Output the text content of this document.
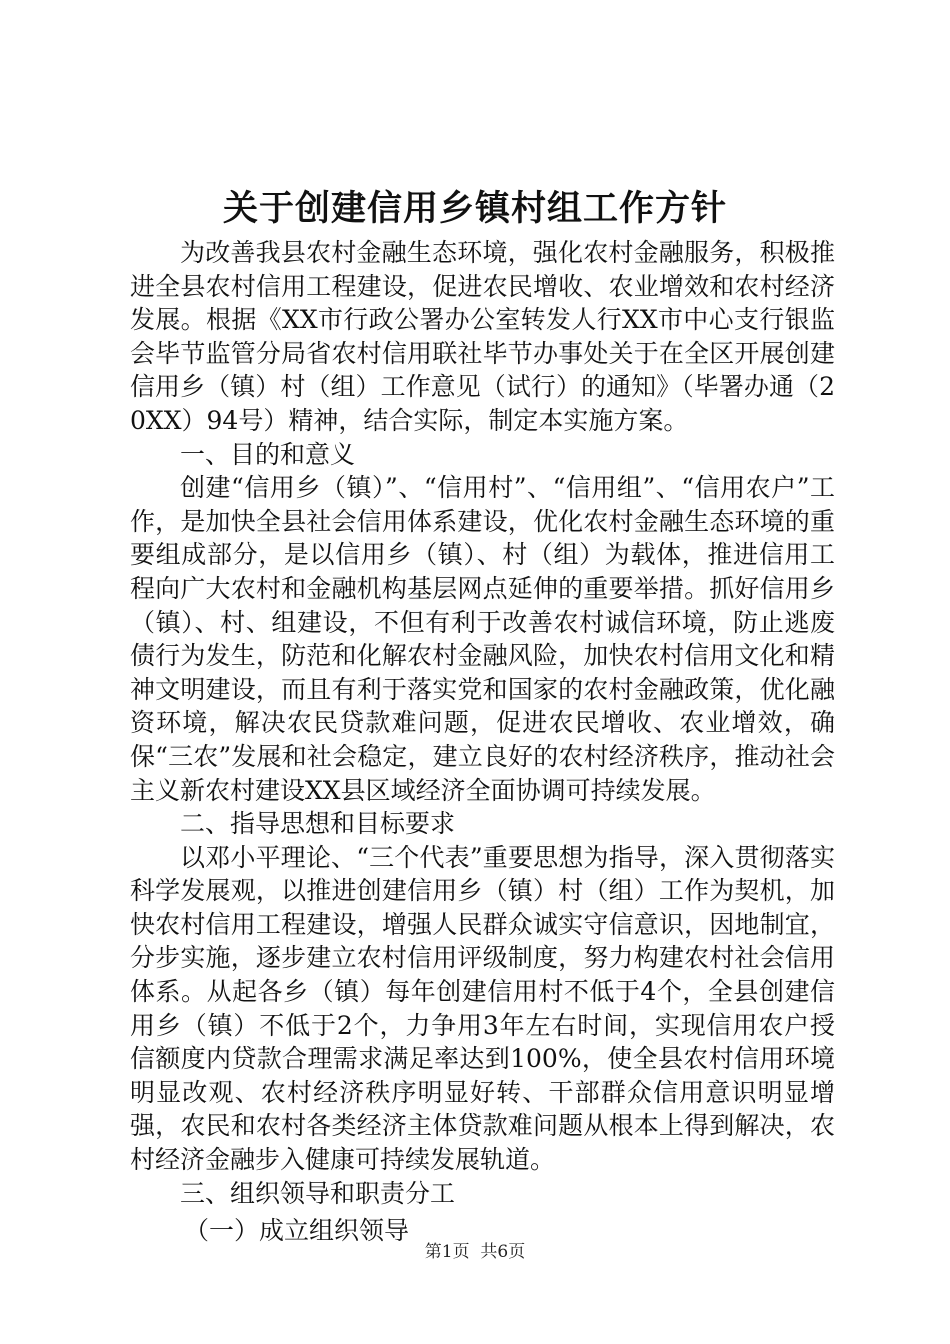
关于创建信用乡镇村组工作方针

为改善我县农村金融生态环境，强化农村金融服务，积极推进全县农村信用工程建设，促进农民增收、农业增效和农村经济发展。根据《XX市行政公署办公室转发人行XX市中心支行银监会毕节监管分局省农村信用联社毕节办事处关于在全区开展创建信用乡（镇）村（组）工作意见（试行）的通知》（毕署办通（20XX）94号）精神，结合实际，制定本实施方案。

一、目的和意义

创建“信用乡（镇）”、“信用村”、“信用组”、“信用农户”工作，是加快全县社会信用体系建设，优化农村金融生态环境的重要组成部分，是以信用乡（镇）、村（组）为载体，推进信用工程向广大农村和金融机构基层网点延伸的重要举措。抓好信用乡（镇）、村、组建设，不但有利于改善农村诚信环境，防止逃废债行为发生，防范和化解农村金融风险，加快农村信用文化和精神文明建设，而且有利于落实党和国家的农村金融政策，优化融资环境，解决农民贷款难问题，促进农民增收、农业增效，确保“三农”发展和社会稳定，建立良好的农村经济秩序，推动社会主义新农村建设XX县区域经济全面协调可持续发展。

二、指导思想和目标要求

以邓小平理论、“三个代表”重要思想为指导，深入贯彻落实科学发展观，以推进创建信用乡（镇）村（组）工作为契机，加快农村信用工程建设，增强人民群众诚实守信意识，因地制宜，分步实施，逐步建立农村信用评级制度，努力构建农村社会信用体系。从起各乡（镇）每年创建信用村不低于4个，全县创建信用乡（镇）不低于2个，力争用3年左右时间，实现信用农户授信额度内贷款合理需求满足率达到100%，使全县农村信用环境明显改观、农村经济秩序明显好转、干部群众信用意识明显增强，农民和农村各类经济主体贷款难问题从根本上得到解决，农村经济金融步入健康可持续发展轨道。

三、组织领导和职责分工

（一）成立组织领导

第1页 共6页
